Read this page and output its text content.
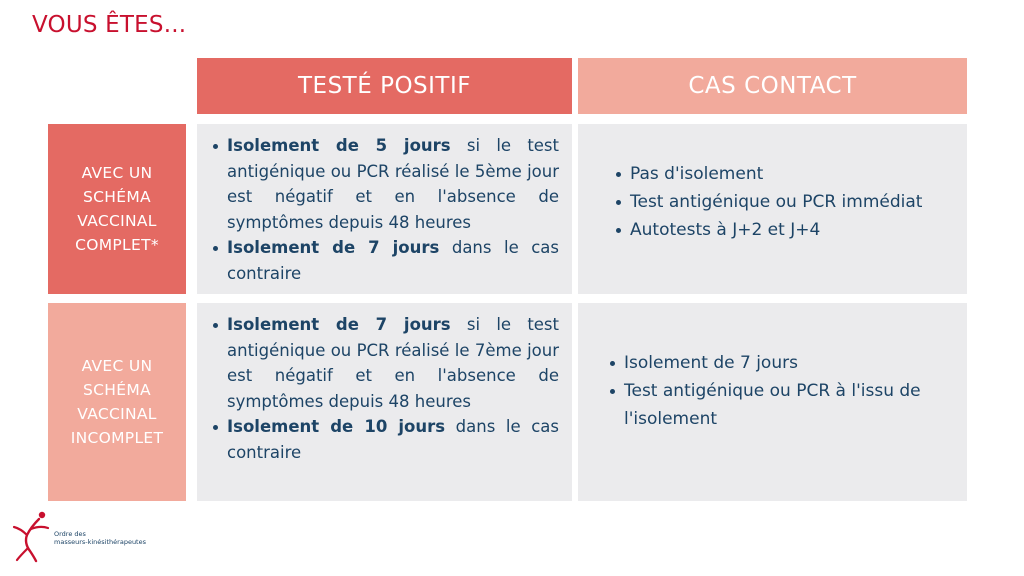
VOUS ÊTES...
TESTÉ POSITIF	CAS CONTACT
AVEC UN SCHÉMA VACCINAL COMPLET*
AVEC UN SCHÉMA VACCINAL INCOMPLET
Isolement de 5 jours si le test antigénique ou PCR réalisé le 5ème jour est négatif et en l'absence de symptômes depuis 48 heures
Isolement de 7 jours dans le cas contraire
Pas d'isolement
Test antigénique ou PCR immédiat
Autotests à J+2 et J+4
Isolement de 7 jours si le test antigénique ou PCR réalisé le 7ème jour est négatif et en l'absence de symptômes depuis 48 heures
Isolement de 10 jours dans le cas contraire
Isolement de 7 jours
Test antigénique ou PCR à l'issu de l'isolement
Ordre des
masseurs-kinésithérapeutes
